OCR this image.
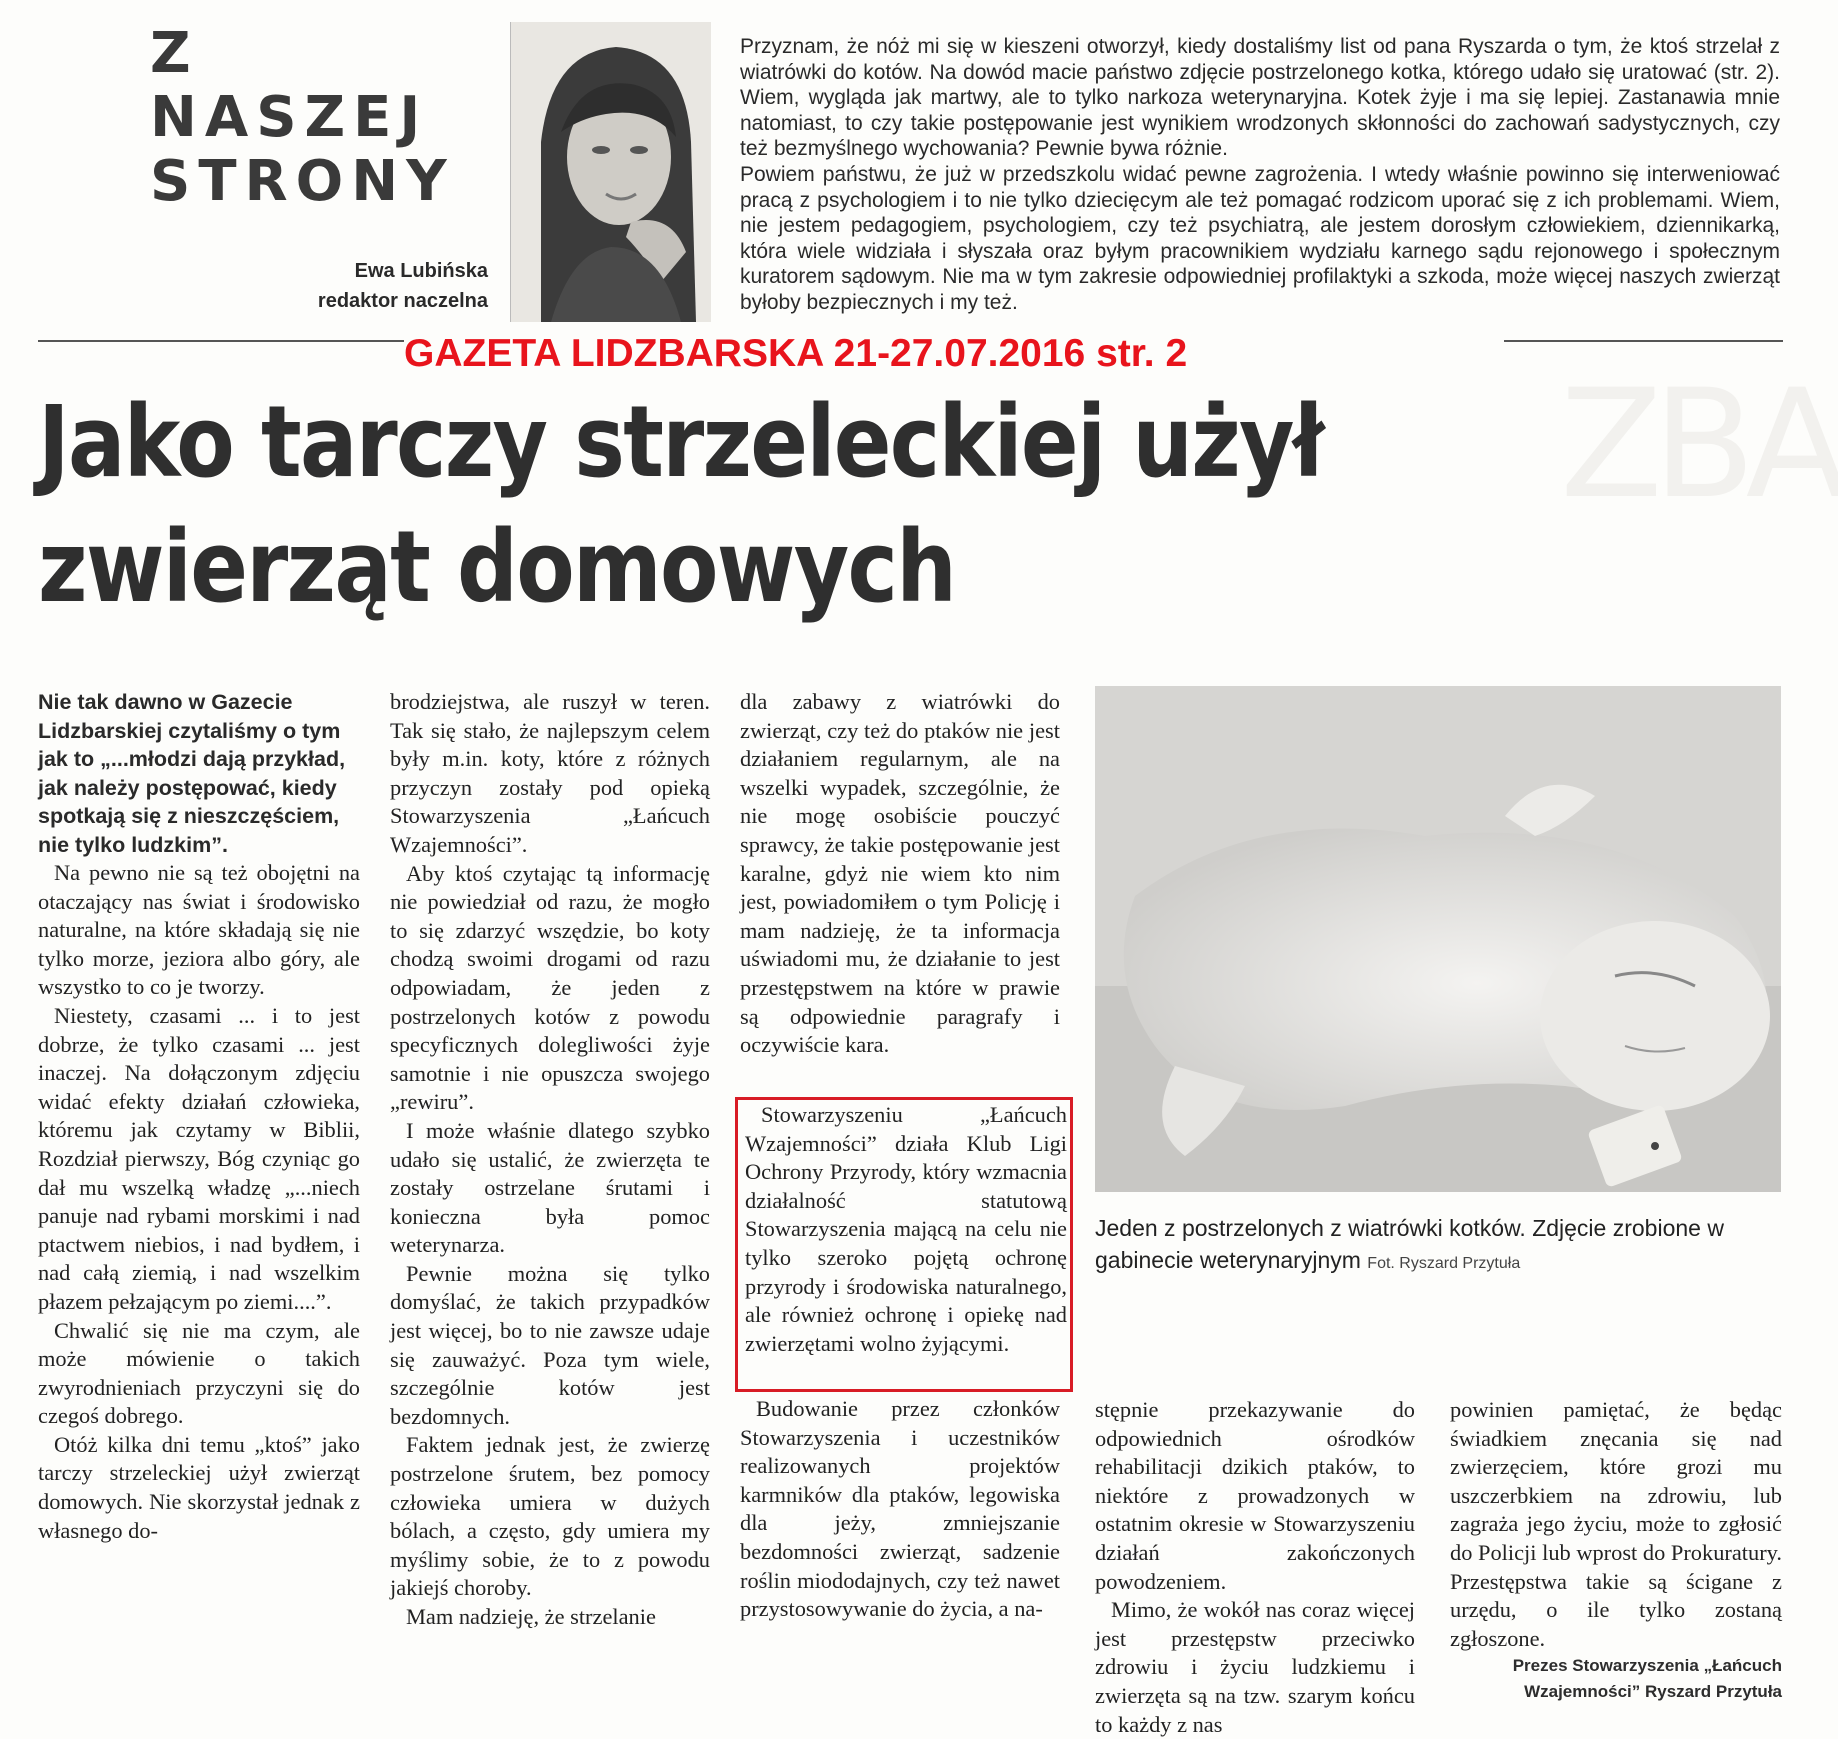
Z NASZEJ
STRONY
Ewa Lubińska
redaktor naczelna

Przyznam, że nóż mi się w kieszeni otworzył, kiedy dostaliśmy list od pana Ryszarda o tym, że ktoś strzelał z wiatrówki do kotów. Na dowód macie państwo zdjęcie postrzelonego kotka, którego udało się uratować (str. 2). Wiem, wygląda jak martwy, ale to tylko narkoza weterynaryjna. Kotek żyje i ma się lepiej. Zastanawia mnie natomiast, to czy takie postępowanie jest wynikiem wrodzonych skłonności do zachowań sadystycznych, czy też bezmyślnego wychowania? Pewnie bywa różnie.

Powiem państwu, że już w przedszkolu widać pewne zagrożenia. I wtedy właśnie powinno się interweniować pracą z psychologiem i to nie tylko dziecięcym ale też pomagać rodzicom uporać się z ich problemami. Wiem, nie jestem pedagogiem, psychologiem, czy też psychiatrą, ale jestem dorosłym człowiekiem, dziennikarką, która wiele widziała i słyszała oraz byłym pracownikiem wydziału karnego sądu rejonowego i społecznym kuratorem sądowym. Nie ma w tym zakresie odpowiedniej profilaktyki a szkoda, może więcej naszych zwierząt byłoby bezpiecznych i my też.

GAZETA LIDZBARSKA 21-27.07.2016 str. 2
ZBA
Jako tarczy strzeleckiej użył
zwierząt domowych

Nie tak dawno w Gazecie Lidzbarskiej czytaliśmy o tym jak to „...młodzi dają przykład, jak należy postępować, kiedy spotkają się z nieszczęściem, nie tylko ludzkim”.

Na pewno nie są też obojętni na otaczający nas świat i środowisko naturalne, na które składają się nie tylko morze, jeziora albo góry, ale wszystko to co je tworzy.

Niestety, czasami ... i to jest dobrze, że tylko czasami ... jest inaczej. Na dołączonym zdjęciu widać efekty działań człowieka, któremu jak czytamy w Biblii, Rozdział pierwszy, Bóg czyniąc go dał mu wszelką władzę „...niech panuje nad rybami morskimi i nad ptactwem niebios, i nad bydłem, i nad całą ziemią, i nad wszelkim płazem pełzającym po ziemi....”.

Chwalić się nie ma czym, ale może mówienie o takich zwyrodnieniach przyczyni się do czegoś dobrego.

Otóż kilka dni temu „ktoś” jako tarczy strzeleckiej użył zwierząt domowych. Nie skorzystał jednak z własnego do-

brodziejstwa, ale ruszył w teren. Tak się stało, że najlepszym celem były m.in. koty, które z różnych przyczyn zostały pod opieką Stowarzyszenia „Łańcuch Wzajemności”.

Aby ktoś czytając tą informację nie powiedział od razu, że mogło to się zdarzyć wszędzie, bo koty chodzą swoimi drogami od razu odpowiadam, że jeden z postrzelonych kotów z powodu specyficznych dolegliwości żyje samotnie i nie opuszcza swojego „rewiru”.

I może właśnie dlatego szybko udało się ustalić, że zwierzęta te zostały ostrzelane śrutami i konieczna była pomoc weterynarza.

Pewnie można się tylko domyślać, że takich przypadków jest więcej, bo to nie zawsze udaje się zauważyć. Poza tym wiele, szczególnie kotów jest bezdomnych.

Faktem jednak jest, że zwierzę postrzelone śrutem, bez pomocy człowieka umiera w dużych bólach, a często, gdy umiera my myślimy sobie, że to z powodu jakiejś choroby.

Mam nadzieję, że strzelanie

dla zabawy z wiatrówki do zwierząt, czy też do ptaków nie jest działaniem regularnym, ale na wszelki wypadek, szczególnie, że nie mogę osobiście pouczyć sprawcy, że takie postępowanie jest karalne, gdyż nie wiem kto nim jest, powiadomiłem o tym Policję i mam nadzieję, że ta informacja uświadomi mu, że działanie to jest przestępstwem na które w prawie są odpowiednie paragrafy i oczywiście kara.

Stowarzyszeniu „Łańcuch Wzajemności” działa Klub Ligi Ochrony Przyrody, który wzmacnia działalność statutową Stowarzyszenia mającą na celu nie tylko szeroko pojętą ochronę przyrody i środowiska naturalnego, ale również ochronę i opiekę nad zwierzętami wolno żyjącymi.

Budowanie przez członków Stowarzyszenia i uczestników realizowanych projektów karmników dla ptaków, legowiska dla jeży, zmniejszanie bezdomności zwierząt, sadzenie roślin miododajnych, czy też nawet przystosowywanie do życia, a na-

Jeden z postrzelonych z wiatrówki kotków. Zdjęcie zrobione w gabinecie weterynaryjnym Fot. Ryszard Przytuła

stępnie przekazywanie do odpowiednich ośrodków rehabilitacji dzikich ptaków, to niektóre z prowadzonych w ostatnim okresie w Stowarzyszeniu działań zakończonych powodzeniem.

Mimo, że wokół nas coraz więcej jest przestępstw przeciwko zdrowiu i życiu ludzkiemu i zwierzęta są na tzw. szarym końcu to każdy z nas

powinien pamiętać, że będąc świadkiem znęcania się nad zwierzęciem, które grozi mu uszczerbkiem na zdrowiu, lub zagraża jego życiu, może to zgłosić do Policji lub wprost do Prokuratury. Przestępstwa takie są ścigane z urzędu, o ile tylko zostaną zgłoszone.

Prezes Stowarzyszenia „Łańcuch
Wzajemności” Ryszard Przytuła
